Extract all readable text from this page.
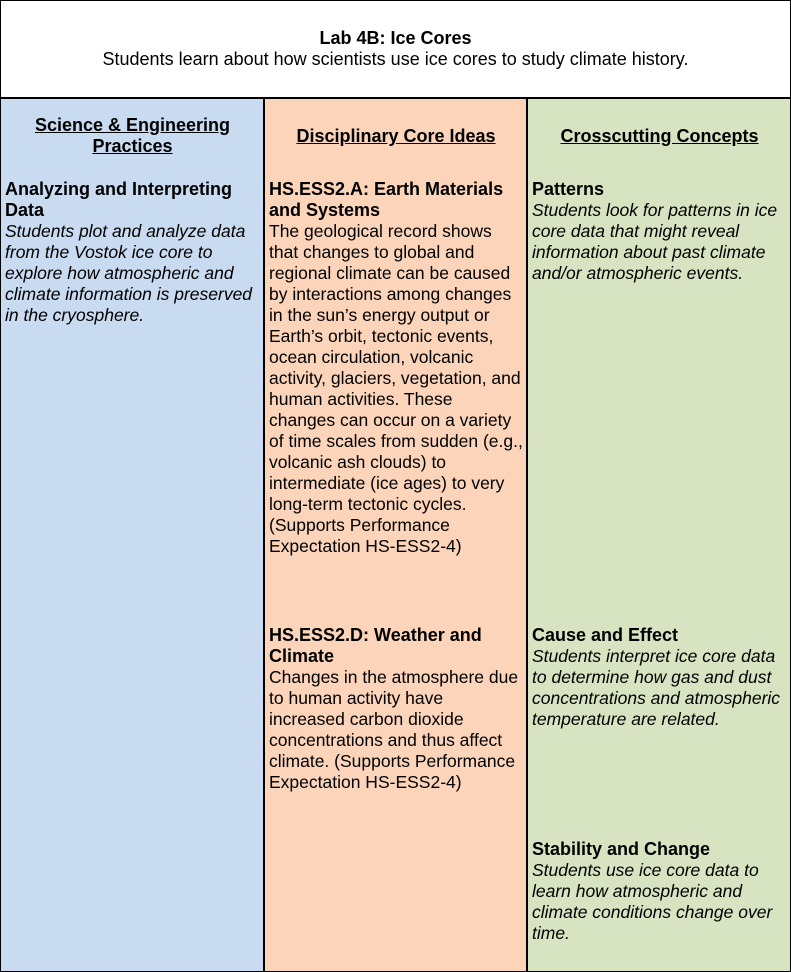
Lab 4B: Ice Cores
Students learn about how scientists use ice cores to study climate history.
Science & Engineering Practices
Analyzing and Interpreting Data
Students plot and analyze data from the Vostok ice core to explore how atmospheric and climate information is preserved in the cryosphere.
Disciplinary Core Ideas
HS.ESS2.A: Earth Materials and Systems
The geological record shows that changes to global and regional climate can be caused by interactions among changes in the sun’s energy output or Earth’s orbit, tectonic events, ocean circulation, volcanic activity, glaciers, vegetation, and human activities. These changes can occur on a variety of time scales from sudden (e.g., volcanic ash clouds) to intermediate (ice ages) to very long-term tectonic cycles. (Supports Performance Expectation HS-ESS2-4)
HS.ESS2.D: Weather and Climate
Changes in the atmosphere due to human activity have increased carbon dioxide concentrations and thus affect climate. (Supports Performance Expectation HS-ESS2-4)
Crosscutting Concepts
Patterns
Students look for patterns in ice core data that might reveal information about past climate and/or atmospheric events.
Cause and Effect
Students interpret ice core data to determine how gas and dust concentrations and atmospheric temperature are related.
Stability and Change
Students use ice core data to learn how atmospheric and climate conditions change over time.
